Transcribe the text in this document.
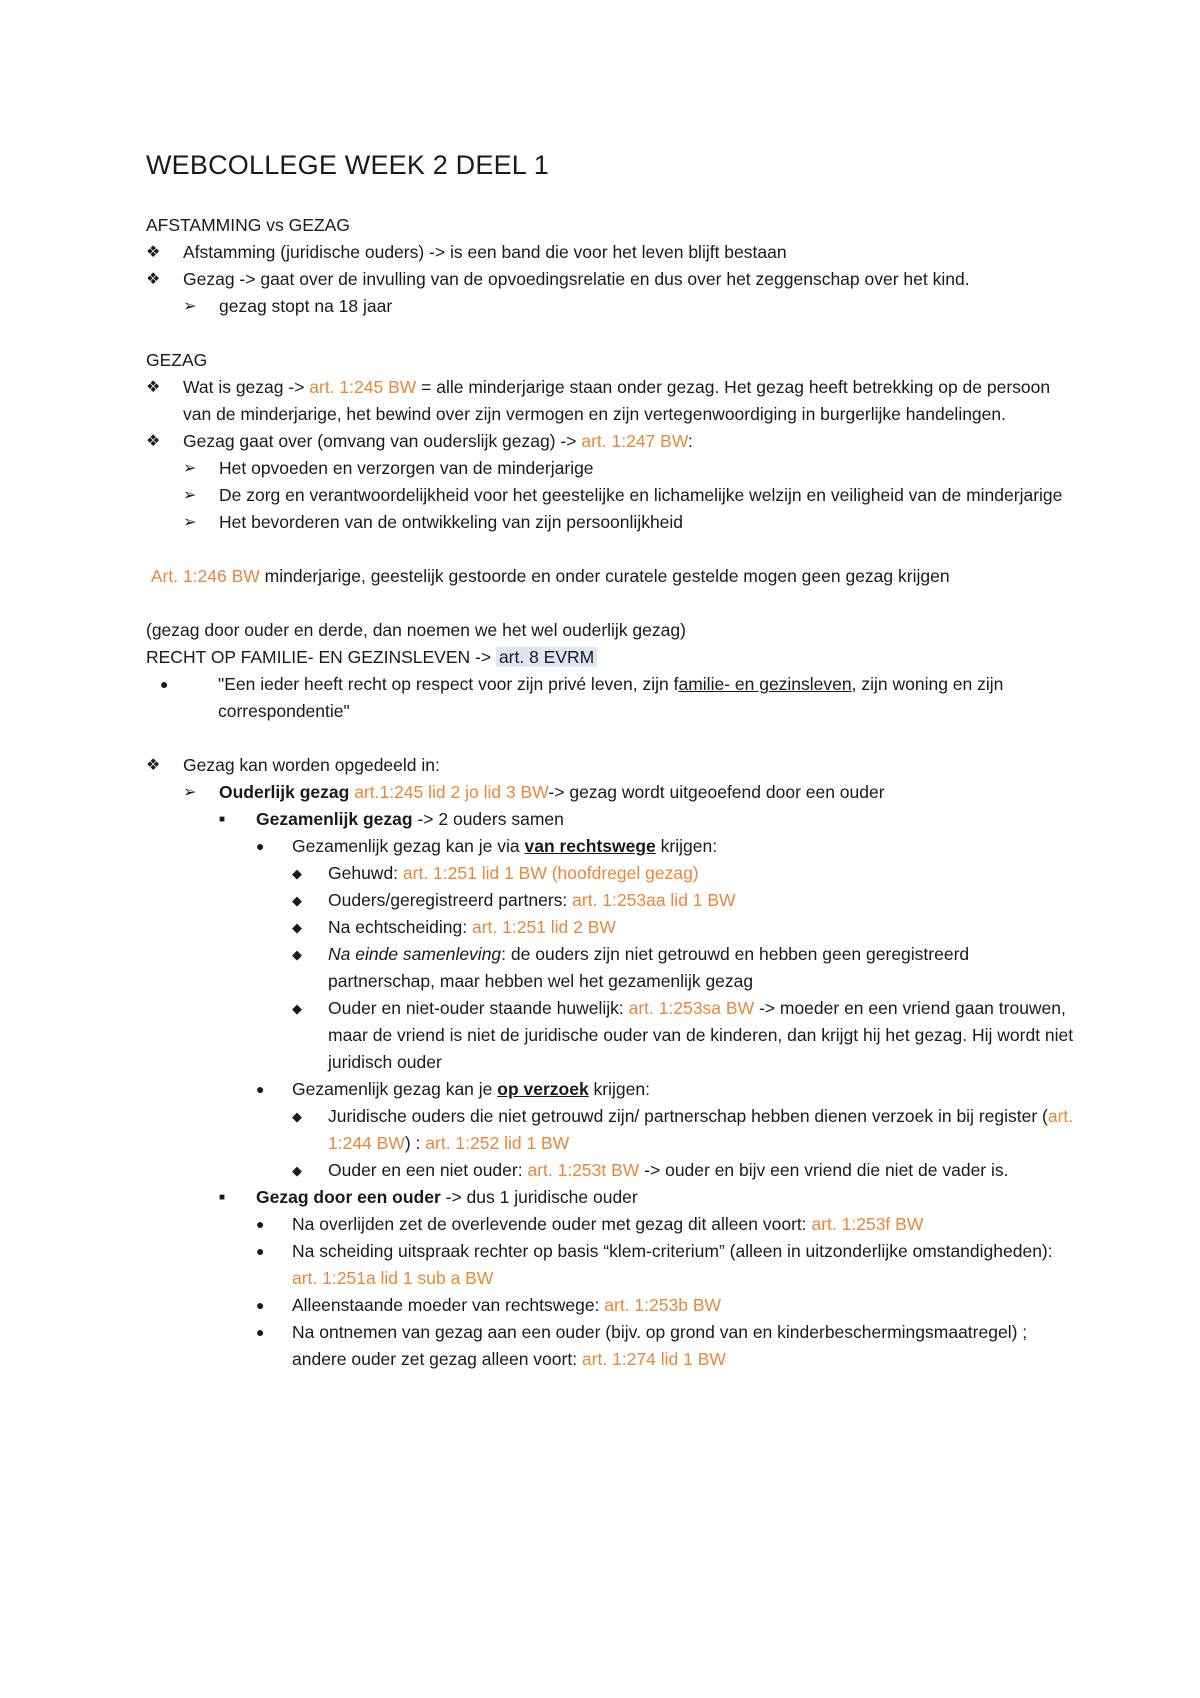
WEBCOLLEGE WEEK 2 DEEL 1
AFSTAMMING vs GEZAG
❖	Afstamming (juridische ouders) -> is een band die voor het leven blijft bestaan
❖	Gezag -> gaat over de invulling van de opvoedingsrelatie en dus over het zeggenschap over het kind.
➢	gezag stopt na 18 jaar
GEZAG
❖	Wat is gezag -> art. 1:245 BW = alle minderjarige staan onder gezag. Het gezag heeft betrekking op de persoon van de minderjarige, het bewind over zijn vermogen en zijn vertegenwoordiging in burgerlijke handelingen.
❖	Gezag gaat over (omvang van ouderslijk gezag) -> art. 1:247 BW:
➢	Het opvoeden en verzorgen van de minderjarige
➢	De zorg en verantwoordelijkheid voor het geestelijke en lichamelijke welzijn en veiligheid van de minderjarige
➢	Het bevorderen van de ontwikkeling van zijn persoonlijkheid
Art. 1:246 BW minderjarige, geestelijk gestoorde en onder curatele gestelde mogen geen gezag krijgen
(gezag door ouder en derde, dan noemen we het wel ouderlijk gezag)
RECHT OP FAMILIE- EN GEZINSLEVEN -> art. 8 EVRM
●	"Een ieder heeft recht op respect voor zijn privé leven, zijn familie- en gezinsleven, zijn woning en zijn correspondentie"
❖	Gezag kan worden opgedeeld in:
➢	Ouderlijk gezag art.1:245 lid 2 jo lid 3 BW-> gezag wordt uitgeoefend door een ouder
■	Gezamenlijk gezag -> 2 ouders samen
●	Gezamenlijk gezag kan je via van rechtswege krijgen:
◆	Gehuwd: art. 1:251 lid 1 BW (hoofdregel gezag)
◆	Ouders/geregistreerd partners: art. 1:253aa lid 1 BW
◆	Na echtscheiding: art. 1:251 lid 2 BW
◆	Na einde samenleving: de ouders zijn niet getrouwd en hebben geen geregistreerd partnerschap, maar hebben wel het gezamenlijk gezag
◆	Ouder en niet-ouder staande huwelijk: art. 1:253sa BW -> moeder en een vriend gaan trouwen, maar de vriend is niet de juridische ouder van de kinderen, dan krijgt hij het gezag. Hij wordt niet juridisch ouder
●	Gezamenlijk gezag kan je op verzoek krijgen:
◆	Juridische ouders die niet getrouwd zijn/ partnerschap hebben dienen verzoek in bij register (art. 1:244 BW) : art. 1:252 lid 1 BW
◆	Ouder en een niet ouder: art. 1:253t BW -> ouder en bijv een vriend die niet de vader is.
■	Gezag door een ouder -> dus 1 juridische ouder
●	Na overlijden zet de overlevende ouder met gezag dit alleen voort: art. 1:253f BW
●	Na scheiding uitspraak rechter op basis “klem-criterium” (alleen in uitzonderlijke omstandigheden): art. 1:251a lid 1 sub a BW
●	Alleenstaande moeder van rechtswege: art. 1:253b BW
●	Na ontnemen van gezag aan een ouder (bijv. op grond van en kinderbeschermingsmaatregel) ; andere ouder zet gezag alleen voort: art. 1:274 lid 1 BW
